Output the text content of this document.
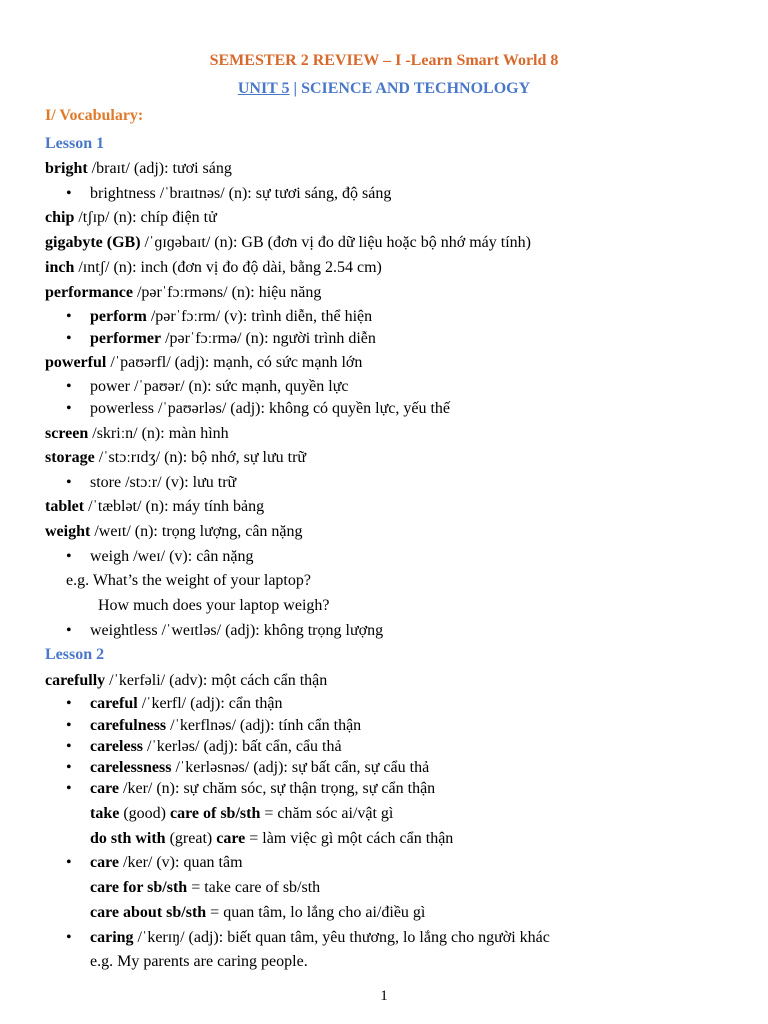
SEMESTER 2 REVIEW – I -Learn Smart World 8
UNIT 5 | SCIENCE AND TECHNOLOGY
I/ Vocabulary:
Lesson 1
bright /braɪt/ (adj): tươi sáng
•
brightness /ˈbraɪtnəs/ (n): sự tươi sáng, độ sáng
chip /tʃɪp/ (n): chíp điện tử
gigabyte (GB) /ˈɡɪɡəbaɪt/ (n): GB (đơn vị đo dữ liệu hoặc bộ nhớ máy tính)
inch /ɪntʃ/ (n): inch (đơn vị đo độ dài, bằng 2.54 cm)
performance /pərˈfɔːrməns/ (n): hiệu năng
•
perform /pərˈfɔːrm/ (v): trình diễn, thể hiện
•
performer /pərˈfɔːrmə/ (n): người trình diễn
powerful /ˈpaʊərfl/ (adj): mạnh, có sức mạnh lớn
•
power /ˈpaʊər/ (n): sức mạnh, quyền lực
•
powerless /ˈpaʊərləs/ (adj): không có quyền lực, yếu thế
screen /skriːn/ (n): màn hình
storage /ˈstɔːrɪdʒ/ (n): bộ nhớ, sự lưu trữ
•
store /stɔːr/ (v): lưu trữ
tablet /ˈtæblət/ (n): máy tính bảng
weight /weɪt/ (n): trọng lượng, cân nặng
•
weigh /weɪ/ (v): cân nặng
e.g. What’s the weight of your laptop?
How much does your laptop weigh?
•
weightless /ˈweɪtləs/ (adj): không trọng lượng
Lesson 2
carefully /ˈkerfəli/ (adv): một cách cẩn thận
•
careful /ˈkerfl/ (adj): cẩn thận
•
carefulness /ˈkerflnəs/ (adj): tính cẩn thận
•
careless /ˈkerləs/ (adj): bất cẩn, cẩu thả
•
carelessness /ˈkerləsnəs/ (adj): sự bất cẩn, sự cẩu thả
•
care /ker/ (n): sự chăm sóc, sự thận trọng, sự cẩn thận
take (good) care of sb/sth = chăm sóc ai/vật gì
do sth with (great) care = làm việc gì một cách cẩn thận
•
care /ker/ (v): quan tâm
care for sb/sth = take care of sb/sth
care about sb/sth = quan tâm, lo lắng cho ai/điều gì
•
caring /ˈkerɪŋ/ (adj): biết quan tâm, yêu thương, lo lắng cho người khác
e.g. My parents are caring people.
1
